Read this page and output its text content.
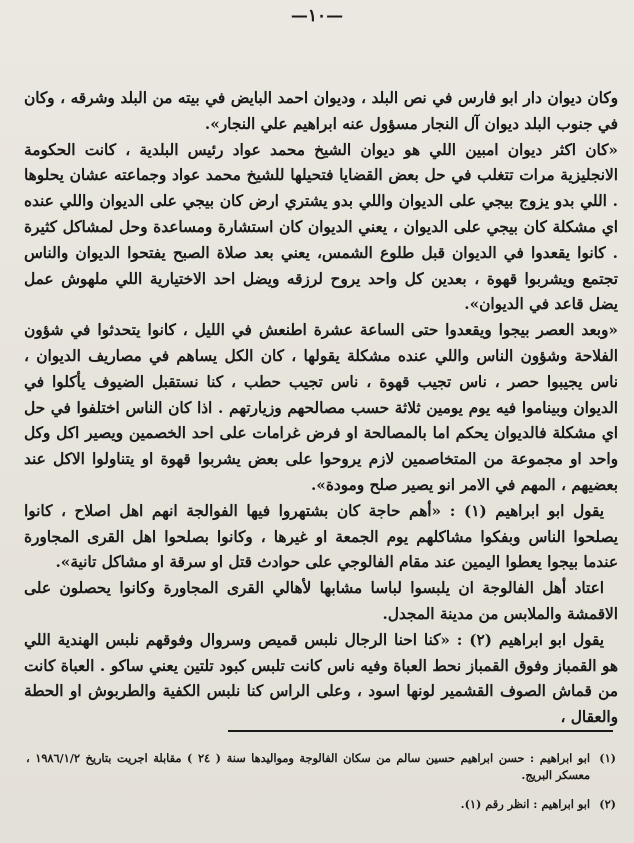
—١٠—

وكان ديوان دار ابو فارس في نص البلد ، وديوان احمد البايض في بيته من البلد وشرقه ، وكان في جنوب البلد ديوان آل النجار مسؤول عنه ابراهيم علي النجار».

«كان اكثر ديوان امبين اللي هو ديوان الشيخ محمد عواد رئيس البلدية ، كانت الحكومة الانجليزية مرات تتغلب في حل بعض القضايا فتحيلها للشيخ محمد عواد وجماعته عشان يحلوها . اللي بدو يزوج بيجي على الديوان واللي بدو يشتري ارض كان بيجي على الديوان واللي عنده اي مشكلة كان بيجي على الديوان ، يعني الديوان كان استشارة ومساعدة وحل لمشاكل كثيرة . كانوا يقعدوا في الديوان قبل طلوع الشمس، يعني بعد صلاة الصبح يفتحوا الديوان والناس تجتمع ويشربوا قهوة ، بعدين كل واحد يروح لرزقه ويضل احد الاختيارية اللي ملهوش عمل يضل قاعد في الديوان».

«وبعد العصر بيجوا ويقعدوا حتى الساعة عشرة اطنعش في الليل ، كانوا يتحدثوا في شؤون الفلاحة وشؤون الناس واللي عنده مشكلة يقولها ، كان الكل يساهم في مصاريف الديوان ، ناس يجيبوا حصر ، ناس تجيب قهوة ، ناس تجيب حطب ، كنا نستقبل الضيوف يأكلوا في الديوان وبيناموا فيه يوم يومين ثلاثة حسب مصالحهم وزيارتهم . اذا كان الناس اختلفوا في حل اي مشكلة فالديوان يحكم اما بالمصالحة او فرض غرامات على احد الخصمين ويصير اكل وكل واحد او مجموعة من المتخاصمين لازم يروحوا على بعض يشربوا قهوة او يتناولوا الاكل عند بعضيهم ، المهم في الامر انو يصير صلح ومودة».

يقول ابو ابراهيم (١) : «أهم حاجة كان بشتهروا فيها الفوالجة انهم اهل اصلاح ، كانوا يصلحوا الناس وبفكوا مشاكلهم يوم الجمعة او غيرها ، وكانوا بصلحوا اهل القرى المجاورة عندما بيجوا يعطوا اليمين عند مقام الفالوجي على حوادث قتل او سرقة او مشاكل تانية».

اعتاد أهل الفالوجة ان يلبسوا لباسا مشابها لأهالي القرى المجاورة وكانوا يحصلون على الاقمشة والملابس من مدينة المجدل.

يقول ابو ابراهيم (٢) : «كنا احنا الرجال نلبس قميص وسروال وفوقهم نلبس الهندية اللي هو القمباز وفوق القمباز نحط العباة وفيه ناس كانت تلبس كبود تلتين يعني ساكو . العباة كانت من قماش الصوف القشمير لونها اسود ، وعلى الراس كنا نلبس الكفية والطربوش او الحطة والعقال ،

(١)
ابو ابراهيم : حسن ابراهيم حسين سالم من سكان الفالوجة ومواليدها سنة ( ٢٤ ) مقابلة اجريت بتاريخ ١٩٨٦/١/٢ ، معسكر البريج.
(٢)
ابو ابراهيم : انظر رقم (١).
